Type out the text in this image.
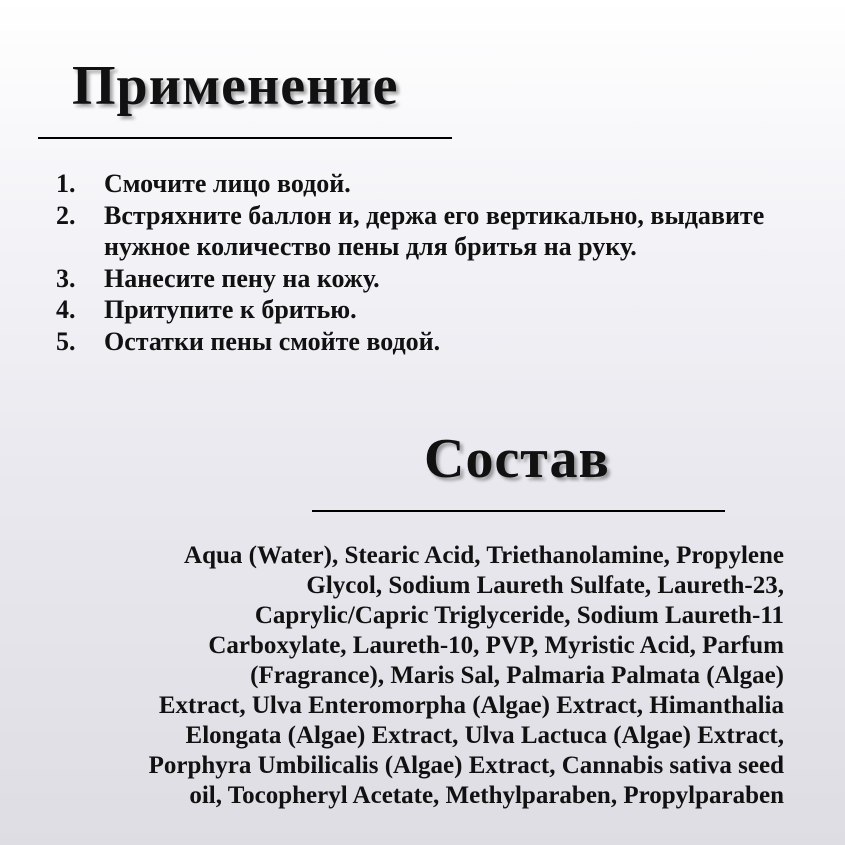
Применение
1.	Смочите лицо водой.
2.	Встряхните баллон и, держа его вертикально, выдавите нужное количество пены для бритья на руку.
3.	Нанесите пену на кожу.
4.	Притупите к бритью.
5.	Остатки пены смойте водой.
Состав
Aqua (Water), Stearic Acid, Triethanolamine, Propylene
Glycol, Sodium Laureth Sulfate, Laureth-23,
Caprylic/Capric Triglyceride, Sodium Laureth-11
Carboxylate, Laureth-10, PVP, Myristic Acid, Parfum
(Fragrance), Maris Sal, Palmaria Palmata (Algae)
Extract, Ulva Enteromorpha (Algae) Extract, Himanthalia
Elongata (Algae) Extract, Ulva Lactuca (Algae) Extract,
Porphyra Umbilicalis (Algae) Extract, Cannabis sativa seed
oil, Tocopheryl Acetate, Methylparaben, Propylparaben
